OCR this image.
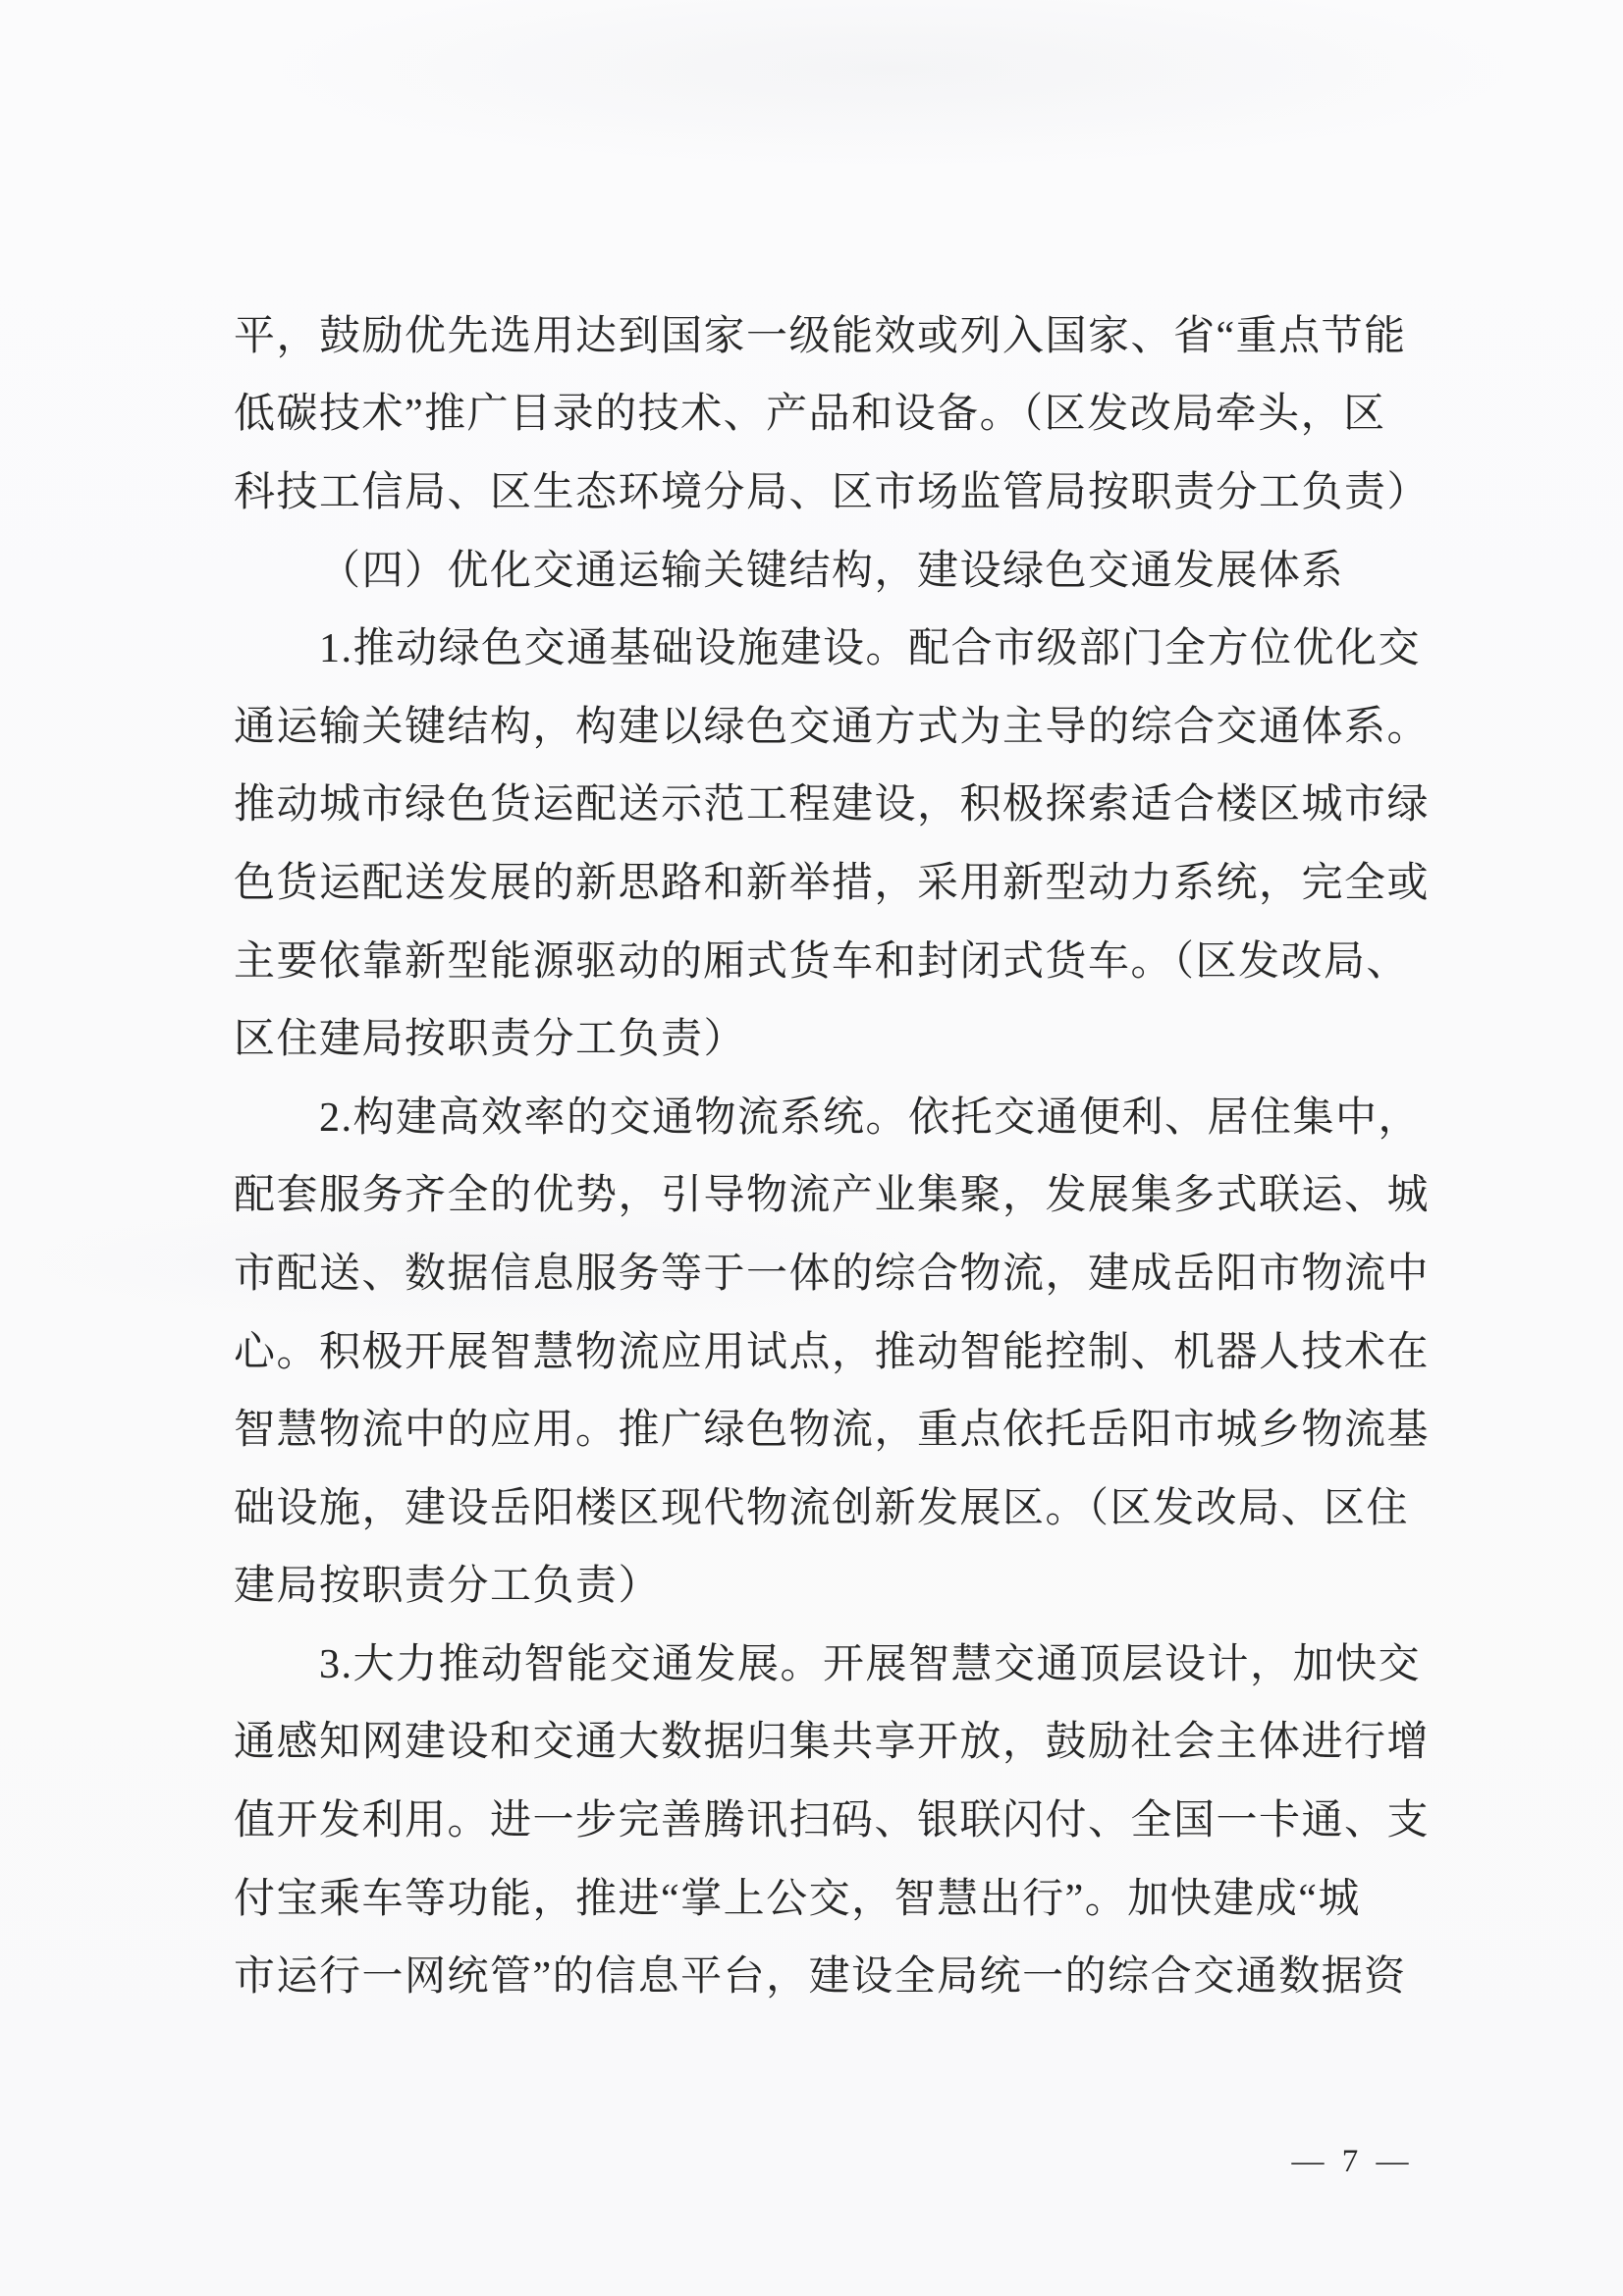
平，鼓励优先选用达到国家一级能效或列入国家、省“重点节能
低碳技术”推广目录的技术、产品和设备。（区发改局牵头，区
科技工信局、区生态环境分局、区市场监管局按职责分工负责）
（四）优化交通运输关键结构，建设绿色交通发展体系
1.推动绿色交通基础设施建设。配合市级部门全方位优化交
通运输关键结构，构建以绿色交通方式为主导的综合交通体系。
推动城市绿色货运配送示范工程建设，积极探索适合楼区城市绿
色货运配送发展的新思路和新举措，采用新型动力系统，完全或
主要依靠新型能源驱动的厢式货车和封闭式货车。（区发改局、
区住建局按职责分工负责）
2.构建高效率的交通物流系统。依托交通便利、居住集中，
配套服务齐全的优势，引导物流产业集聚，发展集多式联运、城
市配送、数据信息服务等于一体的综合物流，建成岳阳市物流中
心。积极开展智慧物流应用试点，推动智能控制、机器人技术在
智慧物流中的应用。推广绿色物流，重点依托岳阳市城乡物流基
础设施，建设岳阳楼区现代物流创新发展区。（区发改局、区住
建局按职责分工负责）
3.大力推动智能交通发展。开展智慧交通顶层设计，加快交
通感知网建设和交通大数据归集共享开放，鼓励社会主体进行增
值开发利用。进一步完善腾讯扫码、银联闪付、全国一卡通、支
付宝乘车等功能，推进“掌上公交，智慧出行”。加快建成“城
市运行一网统管”的信息平台，建设全局统一的综合交通数据资
— 7 —
